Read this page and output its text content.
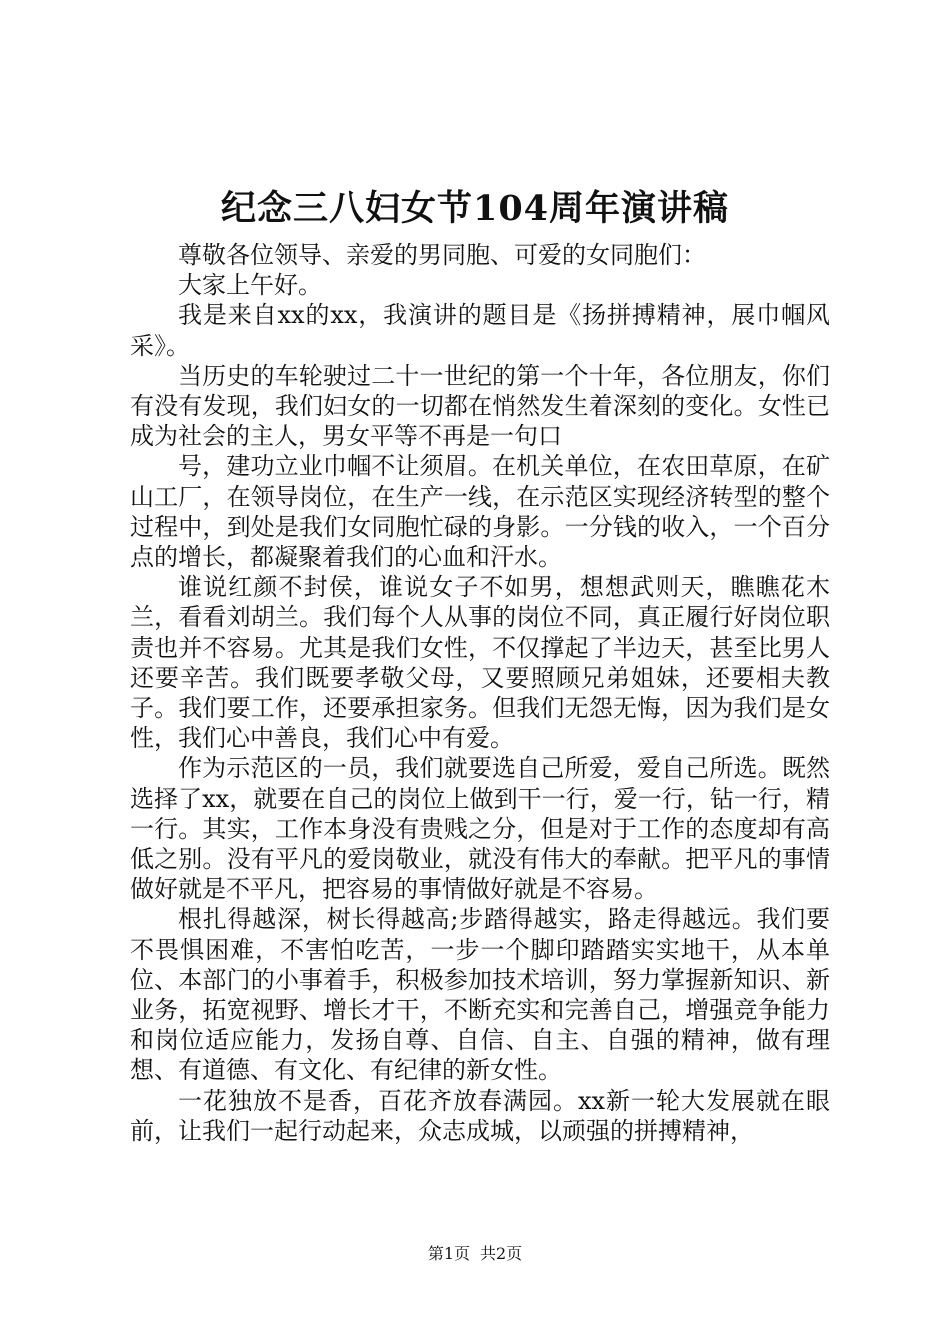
纪念三八妇女节104周年演讲稿

尊敬各位领导、亲爱的男同胞、可爱的女同胞们：

大家上午好。

我是来自xx的xx，我演讲的题目是《扬拼搏精神，展巾帼风采》。

当历史的车轮驶过二十一世纪的第一个十年，各位朋友，你们有没有发现，我们妇女的一切都在悄然发生着深刻的变化。女性已成为社会的主人，男女平等不再是一句口

号，建功立业巾帼不让须眉。在机关单位，在农田草原，在矿山工厂，在领导岗位，在生产一线，在示范区实现经济转型的整个过程中，到处是我们女同胞忙碌的身影。一分钱的收入，一个百分点的增长，都凝聚着我们的心血和汗水。

谁说红颜不封侯，谁说女子不如男，想想武则天，瞧瞧花木兰，看看刘胡兰。我们每个人从事的岗位不同，真正履行好岗位职责也并不容易。尤其是我们女性，不仅撑起了半边天，甚至比男人还要辛苦。我们既要孝敬父母，又要照顾兄弟姐妹，还要相夫教子。我们要工作，还要承担家务。但我们无怨无悔，因为我们是女性，我们心中善良，我们心中有爱。

作为示范区的一员，我们就要选自己所爱，爱自己所选。既然选择了xx，就要在自己的岗位上做到干一行，爱一行，钻一行，精一行。其实，工作本身没有贵贱之分，但是对于工作的态度却有高低之别。没有平凡的爱岗敬业，就没有伟大的奉献。把平凡的事情做好就是不平凡，把容易的事情做好就是不容易。

根扎得越深，树长得越高;步踏得越实，路走得越远。我们要不畏惧困难，不害怕吃苦，一步一个脚印踏踏实实地干，从本单位、本部门的小事着手，积极参加技术培训，努力掌握新知识、新业务，拓宽视野、增长才干，不断充实和完善自己，增强竞争能力和岗位适应能力，发扬自尊、自信、自主、自强的精神，做有理想、有道德、有文化、有纪律的新女性。

一花独放不是香，百花齐放春满园。xx新一轮大发展就在眼前，让我们一起行动起来，众志成城，以顽强的拼搏精神，

第1页 共2页
